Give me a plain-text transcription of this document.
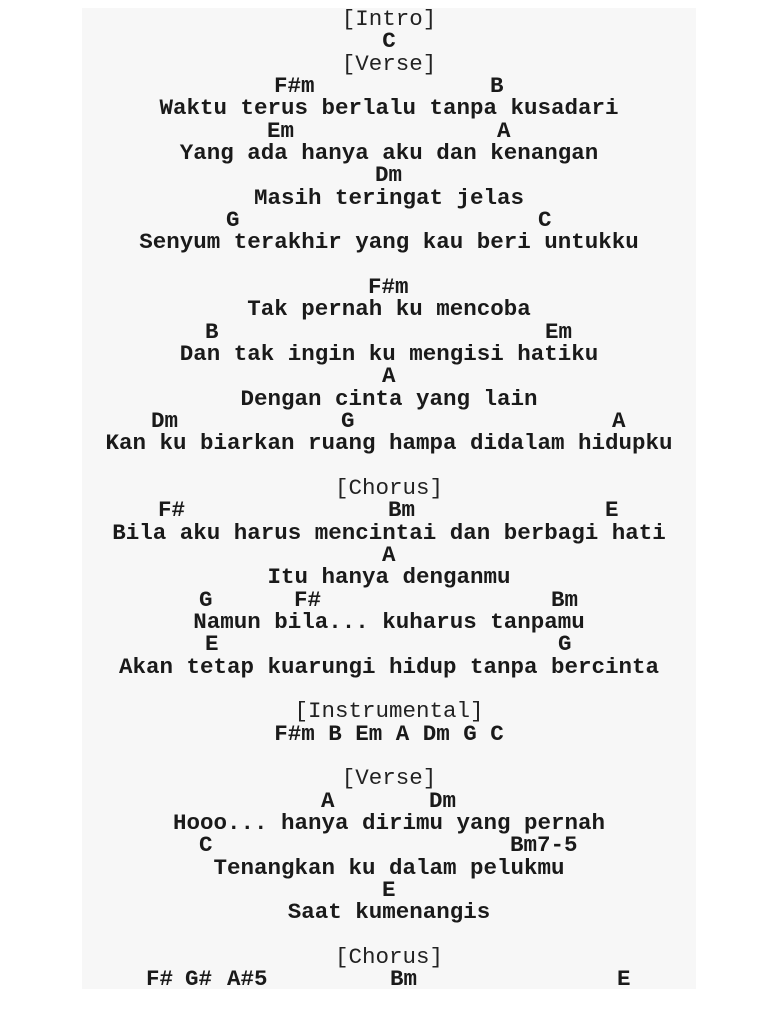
[Intro]
C
[Verse]
F#m	B
Waktu terus berlalu tanpa kusadari
Em	A
Yang ada hanya aku dan kenangan
Dm
Masih teringat jelas
G	C
Senyum terakhir yang kau beri untukku
F#m
Tak pernah ku mencoba
B	Em
Dan tak ingin ku mengisi hatiku
A
Dengan cinta yang lain
Dm	G	A
Kan ku biarkan ruang hampa didalam hidupku
[Chorus]
F#	Bm	E
Bila aku harus mencintai dan berbagi hati
A
Itu hanya denganmu
G	F#	Bm
Namun bila... kuharus tanpamu
E	G
Akan tetap kuarungi hidup tanpa bercinta
[Instrumental]
F#m B Em A Dm G C
[Verse]
A	Dm
Hooo... hanya dirimu yang pernah
C	Bm7-5
Tenangkan ku dalam pelukmu
E
Saat kumenangis
[Chorus]
F# G# A#5	Bm	E
